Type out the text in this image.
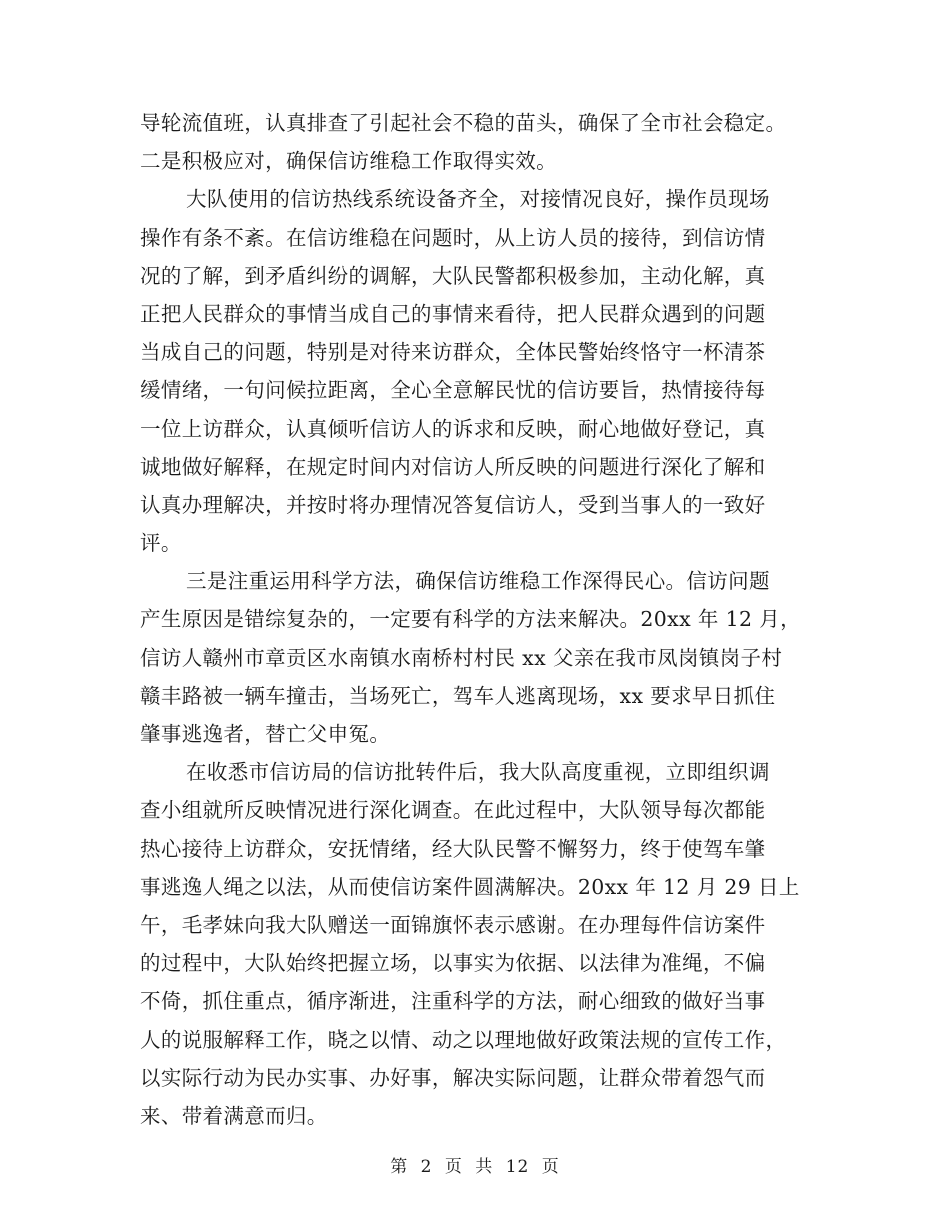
导轮流值班，认真排查了引起社会不稳的苗头，确保了全市社会稳定。
二是积极应对，确保信访维稳工作取得实效。
大队使用的信访热线系统设备齐全，对接情况良好，操作员现场
操作有条不紊。在信访维稳在问题时，从上访人员的接待，到信访情
况的了解，到矛盾纠纷的调解，大队民警都积极参加，主动化解，真
正把人民群众的事情当成自己的事情来看待，把人民群众遇到的问题
当成自己的问题，特别是对待来访群众，全体民警始终恪守一杯清茶
缓情绪，一句问候拉距离，全心全意解民忧的信访要旨，热情接待每
一位上访群众，认真倾听信访人的诉求和反映，耐心地做好登记，真
诚地做好解释，在规定时间内对信访人所反映的问题进行深化了解和
认真办理解决，并按时将办理情况答复信访人，受到当事人的一致好
评。
三是注重运用科学方法，确保信访维稳工作深得民心。信访问题
产生原因是错综复杂的，一定要有科学的方法来解决。20xx 年 12 月，
信访人赣州市章贡区水南镇水南桥村村民 xx 父亲在我市凤岗镇岗子村
赣丰路被一辆车撞击，当场死亡，驾车人逃离现场，xx 要求早日抓住
肇事逃逸者，替亡父申冤。
在收悉市信访局的信访批转件后，我大队高度重视，立即组织调
查小组就所反映情况进行深化调查。在此过程中，大队领导每次都能
热心接待上访群众，安抚情绪，经大队民警不懈努力，终于使驾车肇
事逃逸人绳之以法，从而使信访案件圆满解决。20xx 年 12 月 29 日上
午，毛孝妹向我大队赠送一面锦旗怀表示感谢。在办理每件信访案件
的过程中，大队始终把握立场，以事实为依据、以法律为准绳，不偏
不倚，抓住重点，循序渐进，注重科学的方法，耐心细致的做好当事
人的说服解释工作，晓之以情、动之以理地做好政策法规的宣传工作，
以实际行动为民办实事、办好事，解决实际问题，让群众带着怨气而
来、带着满意而归。
第 2 页 共 12 页
